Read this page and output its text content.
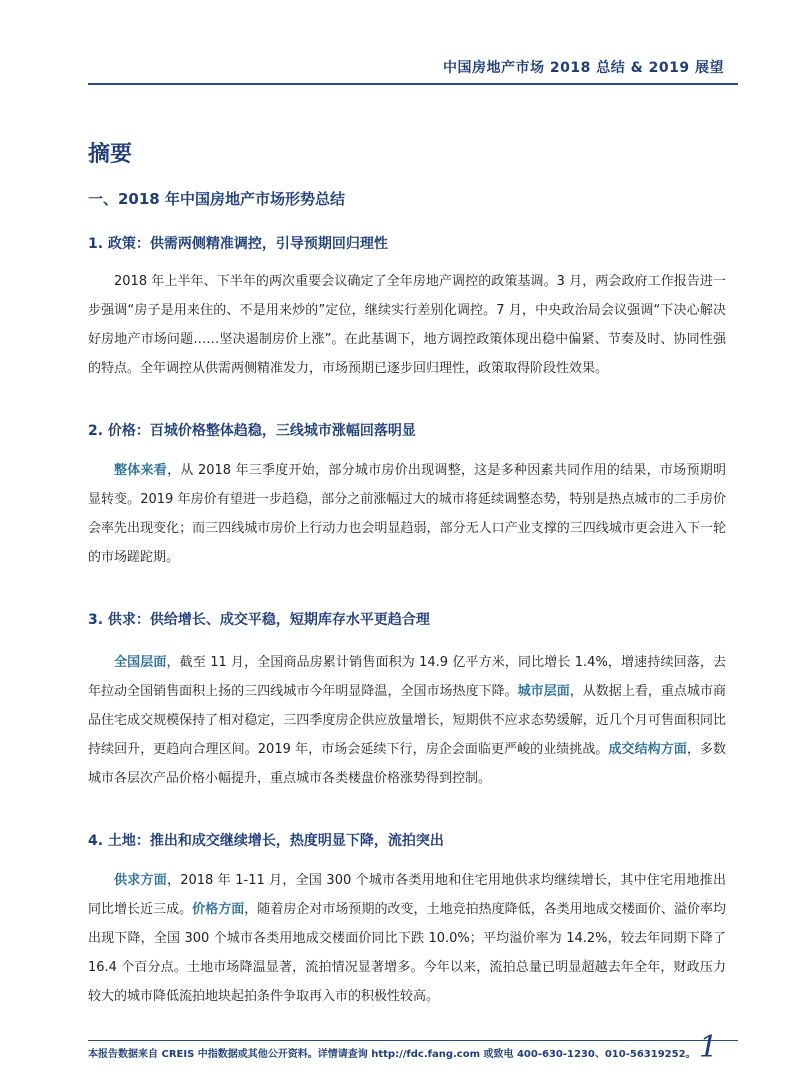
中国房地产市场 2018 总结 & 2019 展望
摘要
一、2018 年中国房地产市场形势总结
1. 政策：供需两侧精准调控，引导预期回归理性
2018 年上半年、下半年的两次重要会议确定了全年房地产调控的政策基调。3 月，两会政府工作报告进一步强调“房子是用来住的、不是用来炒的”定位，继续实行差别化调控。7 月，中央政治局会议强调“下决心解决好房地产市场问题……坚决遏制房价上涨”。在此基调下，地方调控政策体现出稳中偏紧、节奏及时、协同性强的特点。全年调控从供需两侧精准发力，市场预期已逐步回归理性，政策取得阶段性效果。
2. 价格：百城价格整体趋稳，三线城市涨幅回落明显
整体来看，从 2018 年三季度开始，部分城市房价出现调整，这是多种因素共同作用的结果，市场预期明显转变。2019 年房价有望进一步趋稳，部分之前涨幅过大的城市将延续调整态势，特别是热点城市的二手房价会率先出现变化；而三四线城市房价上行动力也会明显趋弱，部分无人口产业支撑的三四线城市更会进入下一轮的市场蹉跎期。
3. 供求：供给增长、成交平稳，短期库存水平更趋合理
全国层面，截至 11 月，全国商品房累计销售面积为 14.9 亿平方米，同比增长 1.4%，增速持续回落，去年拉动全国销售面积上扬的三四线城市今年明显降温，全国市场热度下降。城市层面，从数据上看，重点城市商品住宅成交规模保持了相对稳定，三四季度房企供应放量增长，短期供不应求态势缓解，近几个月可售面积同比持续回升，更趋向合理区间。2019 年，市场会延续下行，房企会面临更严峻的业绩挑战。成交结构方面，多数城市各层次产品价格小幅提升，重点城市各类楼盘价格涨势得到控制。
4. 土地：推出和成交继续增长，热度明显下降，流拍突出
供求方面，2018 年 1-11 月，全国 300 个城市各类用地和住宅用地供求均继续增长，其中住宅用地推出同比增长近三成。价格方面，随着房企对市场预期的改变，土地竞拍热度降低，各类用地成交楼面价、溢价率均出现下降，全国 300 个城市各类用地成交楼面价同比下跌 10.0%；平均溢价率为 14.2%，较去年同期下降了 16.4 个百分点。土地市场降温显著，流拍情况显著增多。今年以来，流拍总量已明显超越去年全年，财政压力较大的城市降低流拍地块起拍条件争取再入市的积极性较高。
本报告数据来自 CREIS 中指数据或其他公开资料。详情请查询 http://fdc.fang.com 或致电 400-630-1230、010-56319252。 1
